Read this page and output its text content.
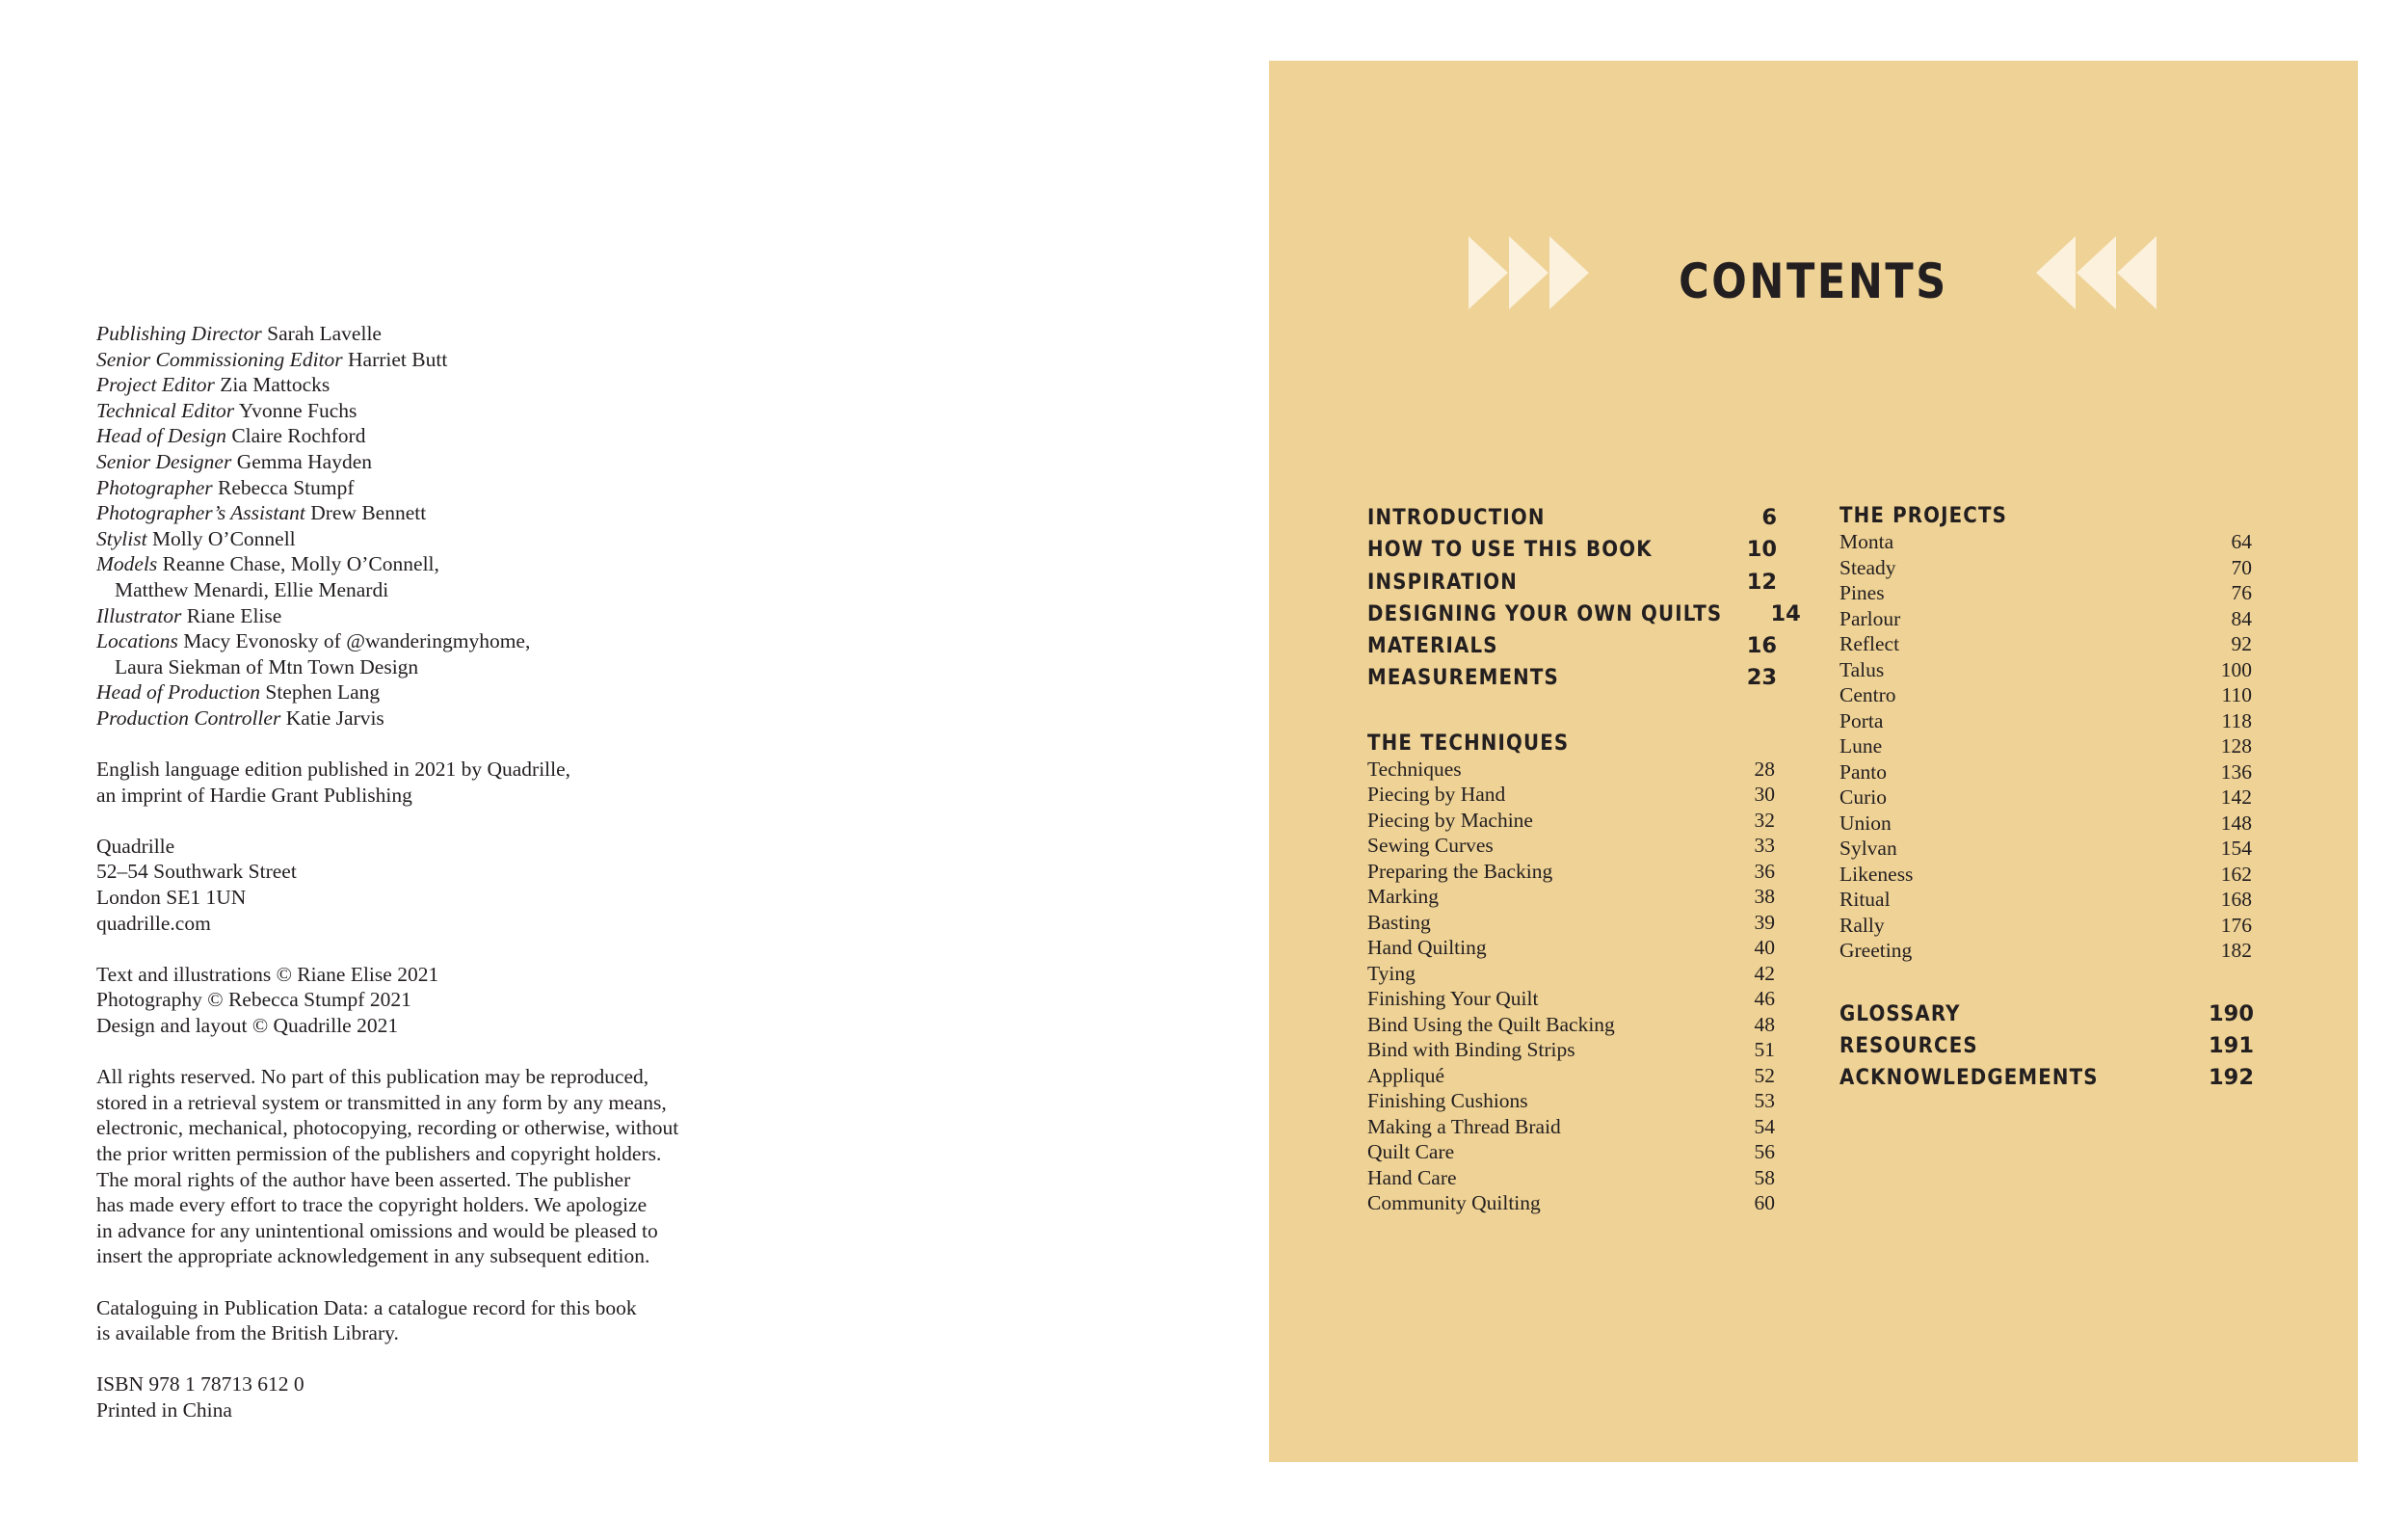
Publishing Director Sarah Lavelle
Senior Commissioning Editor Harriet Butt
Project Editor Zia Mattocks
Technical Editor Yvonne Fuchs
Head of Design Claire Rochford
Senior Designer Gemma Hayden
Photographer Rebecca Stumpf
Photographer’s Assistant Drew Bennett
Stylist Molly O’Connell
Models Reanne Chase, Molly O’Connell,
Matthew Menardi, Ellie Menardi
Illustrator Riane Elise
Locations Macy Evonosky of @wanderingmyhome,
Laura Siekman of Mtn Town Design
Head of Production Stephen Lang
Production Controller Katie Jarvis
English language edition published in 2021 by Quadrille,
an imprint of Hardie Grant Publishing
Quadrille
52–54 Southwark Street
London SE1 1UN
quadrille.com
Text and illustrations © Riane Elise 2021
Photography © Rebecca Stumpf 2021
Design and layout © Quadrille 2021
All rights reserved. No part of this publication may be reproduced,
stored in a retrieval system or transmitted in any form by any means,
electronic, mechanical, photocopying, recording or otherwise, without
the prior written permission of the publishers and copyright holders.
The moral rights of the author have been asserted. The publisher
has made every effort to trace the copyright holders. We apologize
in advance for any unintentional omissions and would be pleased to
insert the appropriate acknowledgement in any subsequent edition.
Cataloguing in Publication Data: a catalogue record for this book
is available from the British Library.
ISBN 978 1 78713 612 0
Printed in China
CONTENTS
INTRODUCTION	6
HOW TO USE THIS BOOK	10
INSPIRATION	12
DESIGNING YOUR OWN QUILTS 14
MATERIALS	16
MEASUREMENTS	23
THE TECHNIQUES
Techniques	28
Piecing by Hand	30
Piecing by Machine	32
Sewing Curves	33
Preparing the Backing	36
Marking	38
Basting	39
Hand Quilting	40
Tying	42
Finishing Your Quilt	46
Bind Using the Quilt Backing	48
Bind with Binding Strips	51
Appliqué	52
Finishing Cushions	53
Making a Thread Braid	54
Quilt Care	56
Hand Care	58
Community Quilting	60
THE PROJECTS
Monta	64
Steady	70
Pines	76
Parlour	84
Reflect	92
Talus	100
Centro	110
Porta	118
Lune	128
Panto	136
Curio	142
Union	148
Sylvan	154
Likeness	162
Ritual	168
Rally	176
Greeting	182
GLOSSARY	190
RESOURCES	191
ACKNOWLEDGEMENTS	192
